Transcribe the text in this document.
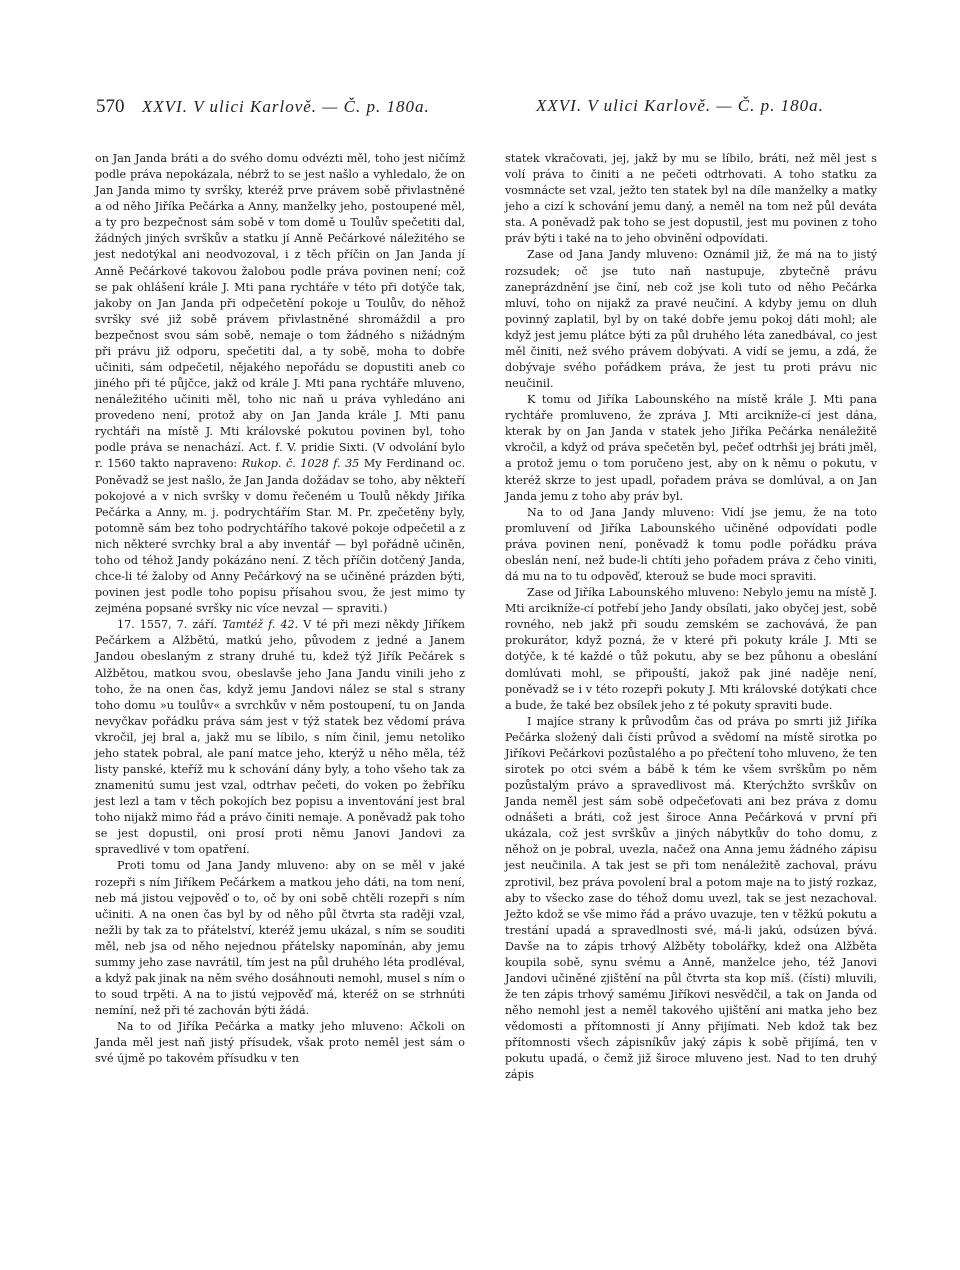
570 XXVI. V ulici Karlově. — Č. p. 180a.	XXVI. V ulici Karlově. — Č. p. 180a.

on Jan Janda bráti a do svého domu odvézti měl, toho jest ničímž podle práva nepokázala, nébrž to se jest našlo a vyhledalo, že on Jan Janda mimo ty svršky, kteréž prve právem sobě přivlastněné a od něho Jiříka Pečárka a Anny, manželky jeho, postoupené měl, a ty pro bezpečnost sám sobě v tom domě u Toulův spečetiti dal, žádných jiných svrškův a statku jí Anně Pečárkové náležitého se jest nedotýkal ani neodvozoval, i z těch příčin on Jan Janda jí Anně Pečárkové takovou žalobou podle práva povinen není; což se pak ohlášení krále J. Mti pana rychtáře v této při dotýče tak, jakoby on Jan Janda při odpečetění pokoje u Toulův, do něhož svršky své již sobě právem přivlastněné shromáždil a pro bezpečnost svou sám sobě, nemaje o tom žádného s nižádným při právu již odporu, spečetiti dal, a ty sobě, moha to dobře učiniti, sám odpečetil, nějakého nepořádu se dopustiti aneb co jiného při té půjčce, jakž od krále J. Mti pana rychtáře mluveno, nenáležitého učiniti měl, toho nic naň u práva vyhledáno ani provedeno není, protož aby on Jan Janda krále J. Mti panu rychtáři na místě J. Mti královské pokutou povinen byl, toho podle práva se nenachází. Act. f. V. pridie Sixti. (V odvolání bylo r. 1560 takto napraveno: Rukop. č. 1028 f. 35 My Ferdinand oc. Poněvadž se jest našlo, že Jan Janda dožádav se toho, aby někteří pokojové a v nich svršky v domu řečeném u Toulů někdy Jiříka Pečárka a Anny, m. j. podrychtářím Star. M. Pr. zpečetěny byly, potomně sám bez toho podrychtářího takové pokoje odpečetil a z nich některé svrchky bral a aby inventář — byl pořádně učiněn, toho od téhož Jandy pokázáno není. Z těch příčin dotčený Janda, chce-li té žaloby od Anny Pečárkový na se učiněné prázden býti, povinen jest podle toho popisu přísahou svou, že jest mimo ty zejména popsané svršky nic více nevzal — spraviti.)

17. 1557, 7. září. Tamtéž f. 42. V té při mezi někdy Jiříkem Pečárkem a Alžbětú, matkú jeho, původem z jedné a Janem Jandou obeslaným z strany druhé tu, kdež týž Jiřík Pečárek s Alžbětou, matkou svou, obeslavše jeho Jana Jandu vinili jeho z toho, že na onen čas, když jemu Jandovi nález se stal s strany toho domu »u toulův« a svrchkův v něm postoupení, tu on Janda nevyčkav pořádku práva sám jest v týž statek bez vědomí práva vkročil, jej bral a, jakž mu se líbilo, s ním činil, jemu netoliko jeho statek pobral, ale paní matce jeho, kterýž u něho měla, též listy panské, kteříž mu k schování dány byly, a toho všeho tak za znamenitú sumu jest vzal, odtrhav pečeti, do voken po žebříku jest lezl a tam v těch pokojích bez popisu a inventování jest bral toho nijakž mimo řád a právo činiti nemaje. A poněvadž pak toho se jest dopustil, oni prosí proti němu Janovi Jandovi za spravedlivé v tom opatření.

Proti tomu od Jana Jandy mluveno: aby on se měl v jaké rozepři s ním Jiříkem Pečárkem a matkou jeho dáti, na tom není, neb má jistou vejpověď o to, oč by oni sobě chtěli rozepři s ním učiniti. A na onen čas byl by od něho půl čtvrta sta raději vzal, nežli by tak za to přátelství, kteréž jemu ukázal, s ním se souditi měl, neb jsa od něho nejednou přátelsky napomínán, aby jemu summy jeho zase navrátil, tím jest na půl druhého léta prodléval, a když pak jinak na něm svého dosáhnouti nemohl, musel s ním o to soud trpěti. A na to jistú vejpověď má, kteréž on se strhnúti nemíní, než při té zachován býti žádá.

Na to od Jiříka Pečárka a matky jeho mluveno: Ačkoli on Janda měl jest naň jistý přísudek, však proto neměl jest sám o své újmě po takovém přísudku v ten

statek vkračovati, jej, jakž by mu se líbilo, bráti, než měl jest s volí práva to činiti a ne pečeti odtrhovati. A toho statku za vosmnácte set vzal, ježto ten statek byl na díle manželky a matky jeho a cizí k schování jemu daný, a neměl na tom než půl deváta sta. A poněvadž pak toho se jest dopustil, jest mu povinen z toho práv býti i také na to jeho obvinění odpovídati.

Zase od Jana Jandy mluveno: Oznámil již, že má na to jistý rozsudek; oč jse tuto naň nastupuje, zbytečně právu zaneprázdnění jse činí, neb což jse koli tuto od něho Pečárka mluví, toho on nijakž za pravé neučiní. A kdyby jemu on dluh povinný zaplatil, byl by on také dobře jemu pokoj dáti mohl; ale když jest jemu plátce býti za půl druhého léta zanedbával, co jest měl činiti, než svého právem dobývati. A vidí se jemu, a zdá, že dobývaje svého pořádkem práva, že jest tu proti právu nic neučinil.

K tomu od Jiříka Labounského na místě krále J. Mti pana rychtáře promluveno, že zpráva J. Mti arcikníže-cí jest dána, kterak by on Jan Janda v statek jeho Jiříka Pečárka nenáležitě vkročil, a když od práva spečetěn byl, pečeť odtrhši jej bráti jměl, a protož jemu o tom poručeno jest, aby on k němu o pokutu, v kteréž skrze to jest upadl, pořadem práva se domlúval, a on Jan Janda jemu z toho aby práv byl.

Na to od Jana Jandy mluveno: Vidí jse jemu, že na toto promluvení od Jiříka Labounského učiněné odpovídati podle práva povinen není, poněvadž k tomu podle pořádku práva obeslán není, než bude-li chtíti jeho pořadem práva z čeho viniti, dá mu na to tu odpověď, kterouž se bude moci spraviti.

Zase od Jiříka Labounského mluveno: Nebylo jemu na místě J. Mti arcikníže-cí potřebí jeho Jandy obsílati, jako obyčej jest, sobě rovného, neb jakž při soudu zemském se zachovává, že pan prokurátor, když pozná, že v které při pokuty krále J. Mti se dotýče, k té každé o tůž pokutu, aby se bez půhonu a obeslání domlúvati mohl, se připouští, jakož pak jiné naděje není, poněvadž se i v této rozepři pokuty J. Mti královské dotýkati chce a bude, že také bez obsílek jeho z té pokuty spraviti bude.

I majíce strany k průvodům čas od práva po smrti již Jiříka Pečárka složený dali čísti průvod a svědomí na místě sirotka po Jiříkovi Pečárkovi pozůstalého a po přečtení toho mluveno, že ten sirotek po otci svém a bábě k tém ke všem svrškům po něm pozůstalým právo a spravedlivost má. Kterýchžto svrškův on Janda neměl jest sám sobě odpečeťovati ani bez práva z domu odnášeti a bráti, což jest široce Anna Pečárková v první při ukázala, což jest svrškův a jiných nábytkův do toho domu, z něhož on je pobral, uvezla, načež ona Anna jemu žádného zápisu jest neučinila. A tak jest se při tom nenáležitě zachoval, právu zprotivil, bez práva povolení bral a potom maje na to jistý rozkaz, aby to všecko zase do téhož domu uvezl, tak se jest nezachoval. Ježto kdož se vše mimo řád a právo uvazuje, ten v těžkú pokutu a trestání upadá a spravedlnosti své, má-li jakú, odsúzen bývá. Davše na to zápis trhový Alžběty tobolářky, kdež ona Alžběta koupila sobě, synu svému a Anně, manželce jeho, též Janovi Jandovi učiněné zjištění na půl čtvrta sta kop míš. (čísti) mluvili, že ten zápis trhový samému Jiříkovi nesvědčil, a tak on Janda od něho nemohl jest a neměl takového ujištění ani matka jeho bez vědomosti a přítomnosti jí Anny přijímati. Neb kdož tak bez přítomnosti všech zápisníkův jaký zápis k sobě přijímá, ten v pokutu upadá, o čemž již široce mluveno jest. Nad to ten druhý zápis
